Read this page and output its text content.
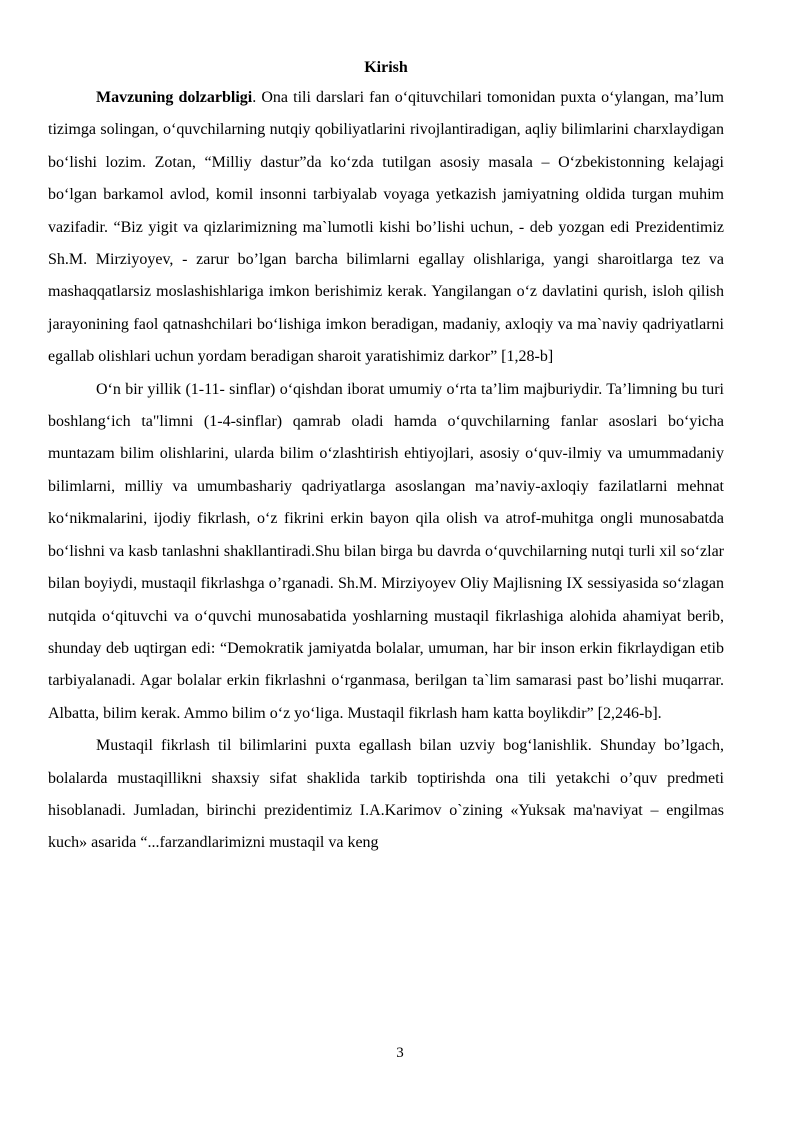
Kirish

Mavzuning dolzarbligi. Ona tili darslari fan o‘qituvchilari tomonidan puxta o‘ylangan, ma’lum tizimga solingan, o‘quvchilarning nutqiy qobiliyatlarini rivojlantiradigan, aqliy bilimlarini charxlaydigan bo‘lishi lozim. Zotan, “Milliy dastur”da ko‘zda tutilgan asosiy masala – O‘zbekistonning kelajagi bo‘lgan barkamol avlod, komil insonni tarbiyalab voyaga yetkazish jamiyatning oldida turgan muhim vazifadir. “Biz yigit va qizlarimizning ma`lumotli kishi bo’lishi uchun, - deb yozgan edi Prezidentimiz Sh.M. Mirziyoyev, - zarur bo’lgan barcha bilimlarni egallay olishlariga, yangi sharoitlarga tez va mashaqqatlarsiz moslashishlariga imkon berishimiz kerak. Yangilangan o‘z davlatini qurish, isloh qilish jarayonining faol qatnashchilari bo‘lishiga imkon beradigan, madaniy, axloqiy va ma`naviy qadriyatlarni egallab olishlari uchun yordam beradigan sharoit yaratishimiz darkor” [1,28-b]

O‘n bir yillik (1-11- sinflar) o‘qishdan iborat umumiy o‘rta ta’lim majburiydir. Ta’limning bu turi boshlang‘ich ta"limni (1-4-sinflar) qamrab oladi hamda o‘quvchilarning fanlar asoslari bo‘yicha muntazam bilim olishlarini, ularda bilim o‘zlashtirish ehtiyojlari, asosiy o‘quv-ilmiy va umummadaniy bilimlarni, milliy va umumbashariy qadriyatlarga asoslangan ma’naviy-axloqiy fazilatlarni mehnat ko‘nikmalarini, ijodiy fikrlash, o‘z fikrini erkin bayon qila olish va atrof-muhitga ongli munosabatda bo‘lishni va kasb tanlashni shakllantiradi.Shu bilan birga bu davrda o‘quvchilarning nutqi turli xil so‘zlar bilan boyiydi, mustaqil fikrlashga o’rganadi. Sh.M. Mirziyoyev Oliy Majlisning IX sessiyasida so‘zlagan nutqida o‘qituvchi va o‘quvchi munosabatida yoshlarning mustaqil fikrlashiga alohida ahamiyat berib, shunday deb uqtirgan edi: “Demokratik jamiyatda bolalar, umuman, har bir inson erkin fikrlaydigan etib tarbiyalanadi. Agar bolalar erkin fikrlashni o‘rganmasa, berilgan ta`lim samarasi past bo’lishi muqarrar. Albatta, bilim kerak. Ammo bilim o‘z yo‘liga. Mustaqil fikrlash ham katta boylikdir” [2,246-b].

Mustaqil fikrlash til bilimlarini puxta egallash bilan uzviy bog‘lanishlik. Shunday bo’lgach, bolalarda mustaqillikni shaxsiy sifat shaklida tarkib toptirishda ona tili yetakchi o’quv predmeti hisoblanadi. Jumladan, birinchi prezidentimiz I.A.Karimov o`zining «Yuksak ma'naviyat – engilmas kuch» asarida “...farzandlarimizni mustaqil va keng

3
